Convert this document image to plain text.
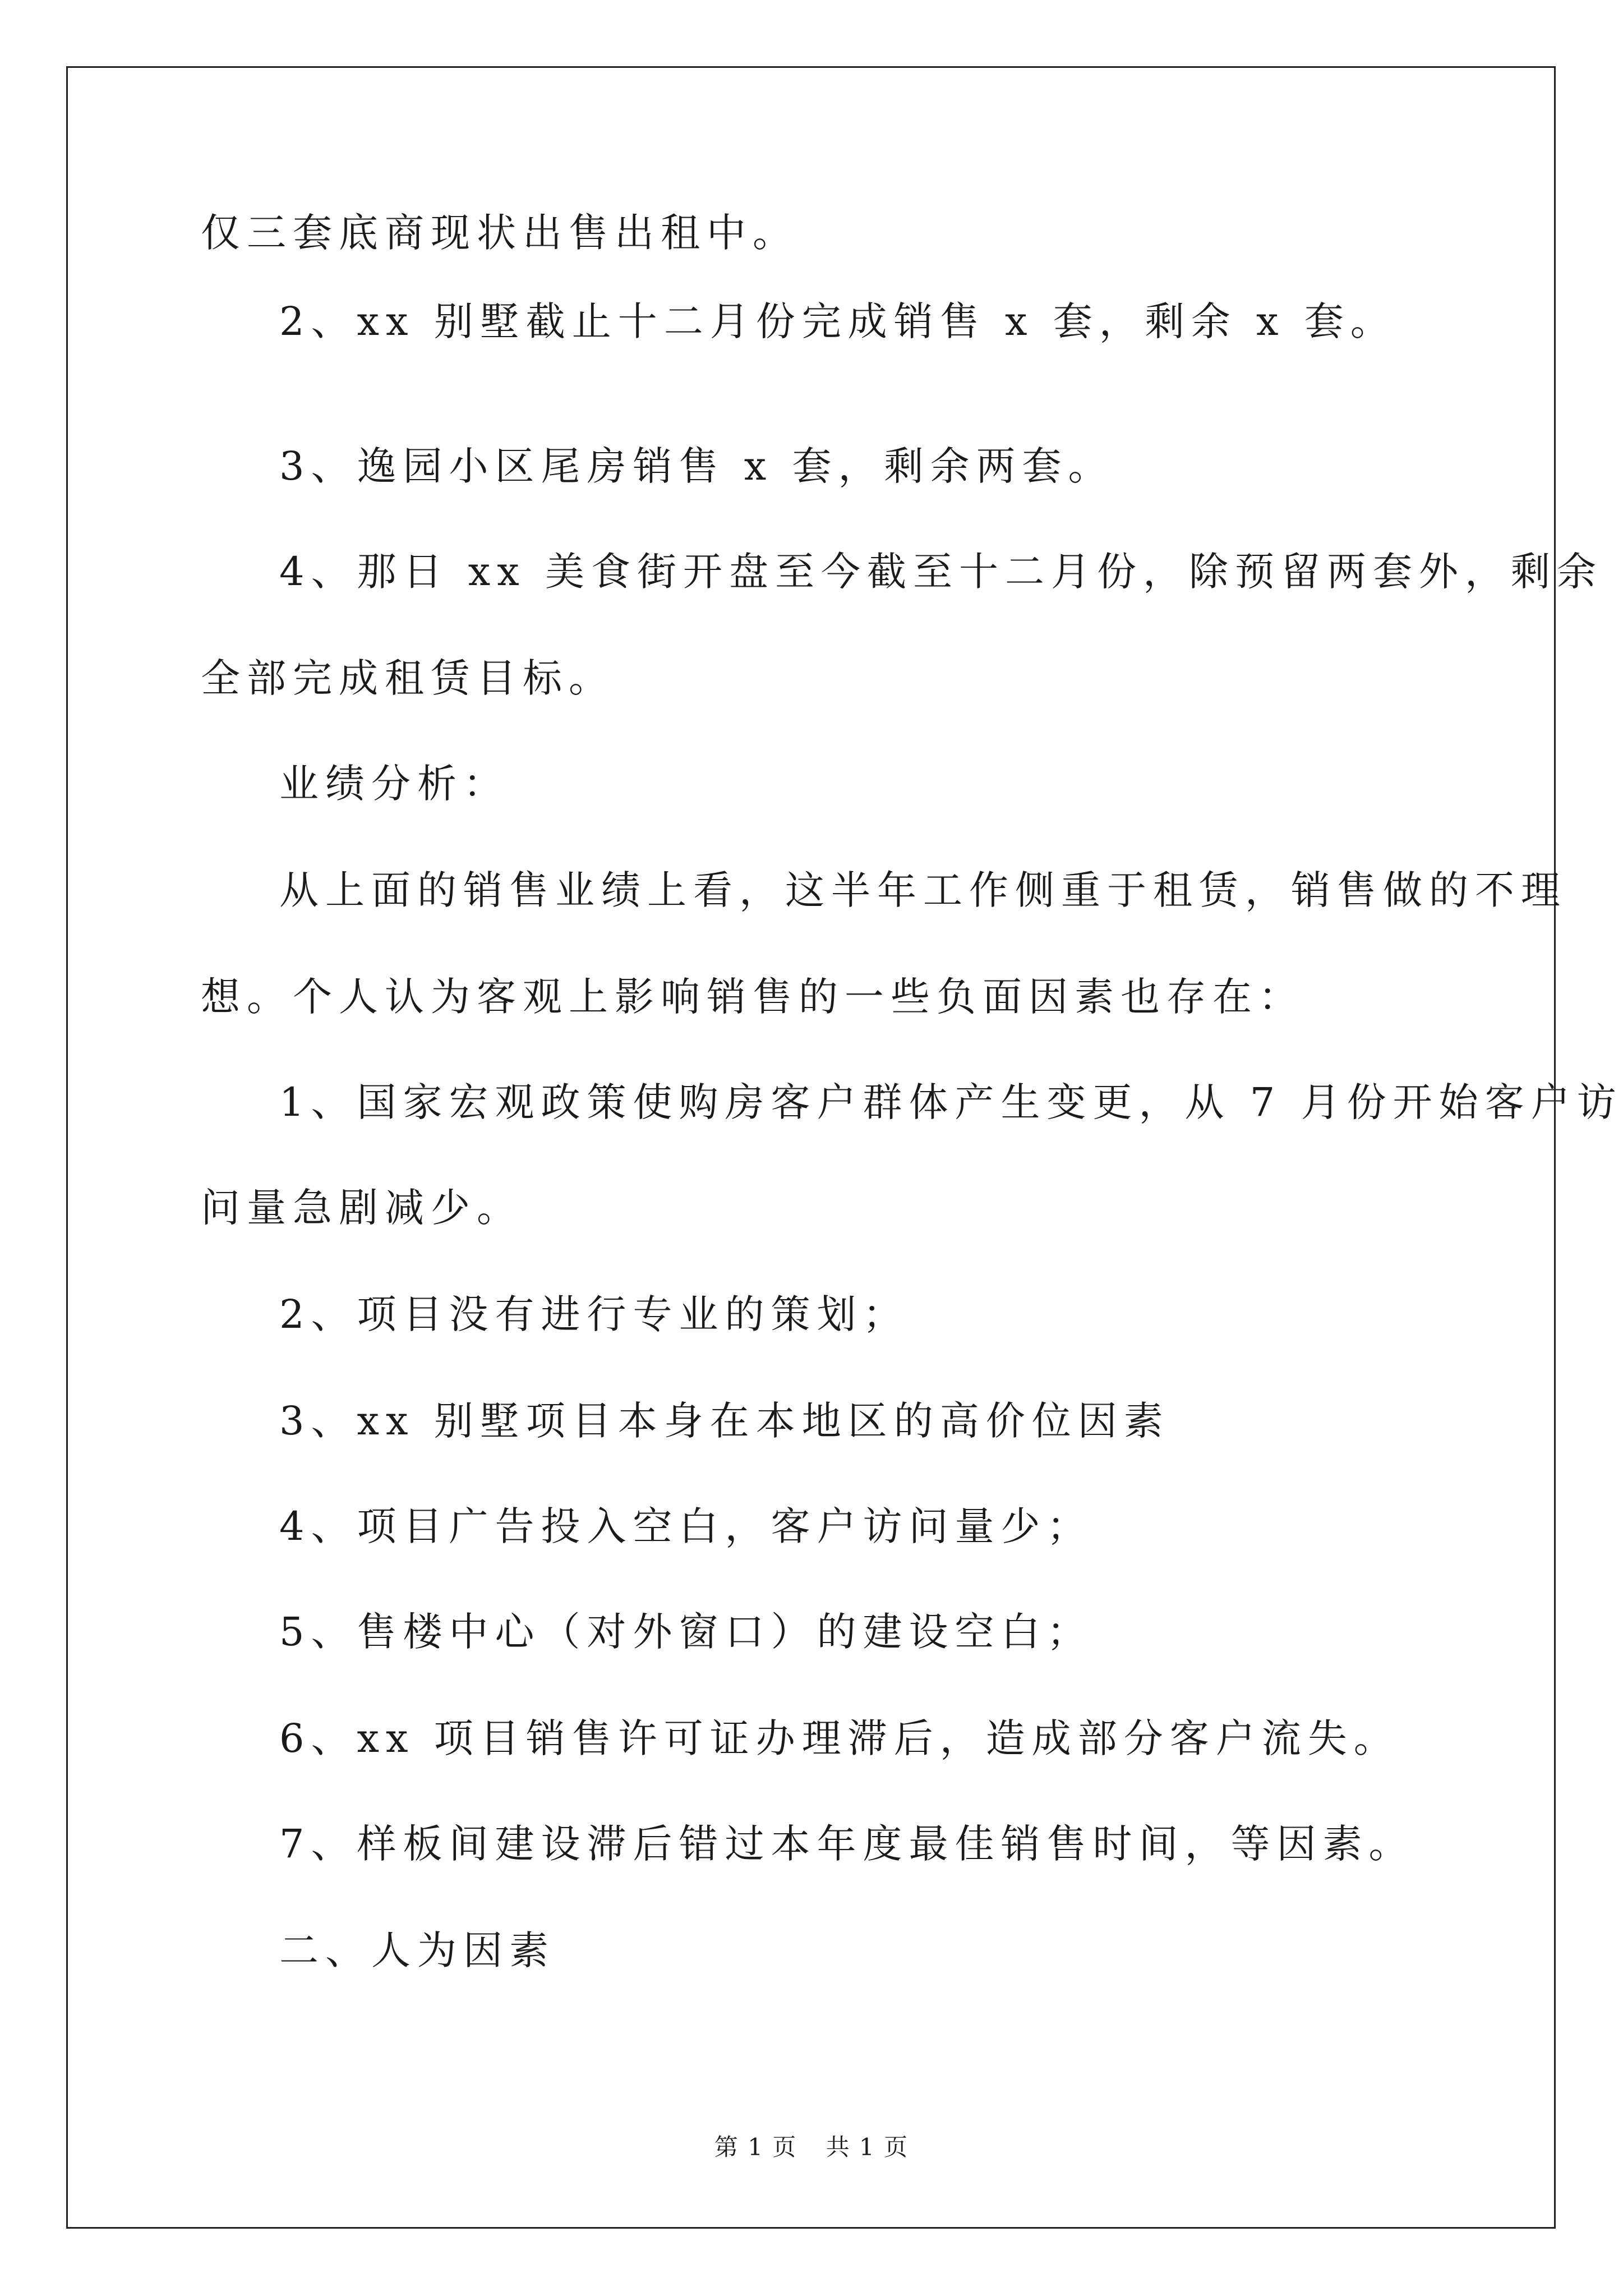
仅三套底商现状出售出租中。
2、xx 别墅截止十二月份完成销售 x 套，剩余 x 套。
3、逸园小区尾房销售 x 套，剩余两套。
4、那日 xx 美食街开盘至今截至十二月份，除预留两套外，剩余
全部完成租赁目标。
业绩分析：
从上面的销售业绩上看，这半年工作侧重于租赁，销售做的不理
想。个人认为客观上影响销售的一些负面因素也存在：
1、国家宏观政策使购房客户群体产生变更，从 7 月份开始客户访
问量急剧减少。
2、项目没有进行专业的策划；
3、xx 别墅项目本身在本地区的高价位因素
4、项目广告投入空白，客户访问量少；
5、售楼中心（对外窗口）的建设空白；
6、xx 项目销售许可证办理滞后，造成部分客户流失。
7、样板间建设滞后错过本年度最佳销售时间，等因素。
二、人为因素
第 1 页 共 1 页
